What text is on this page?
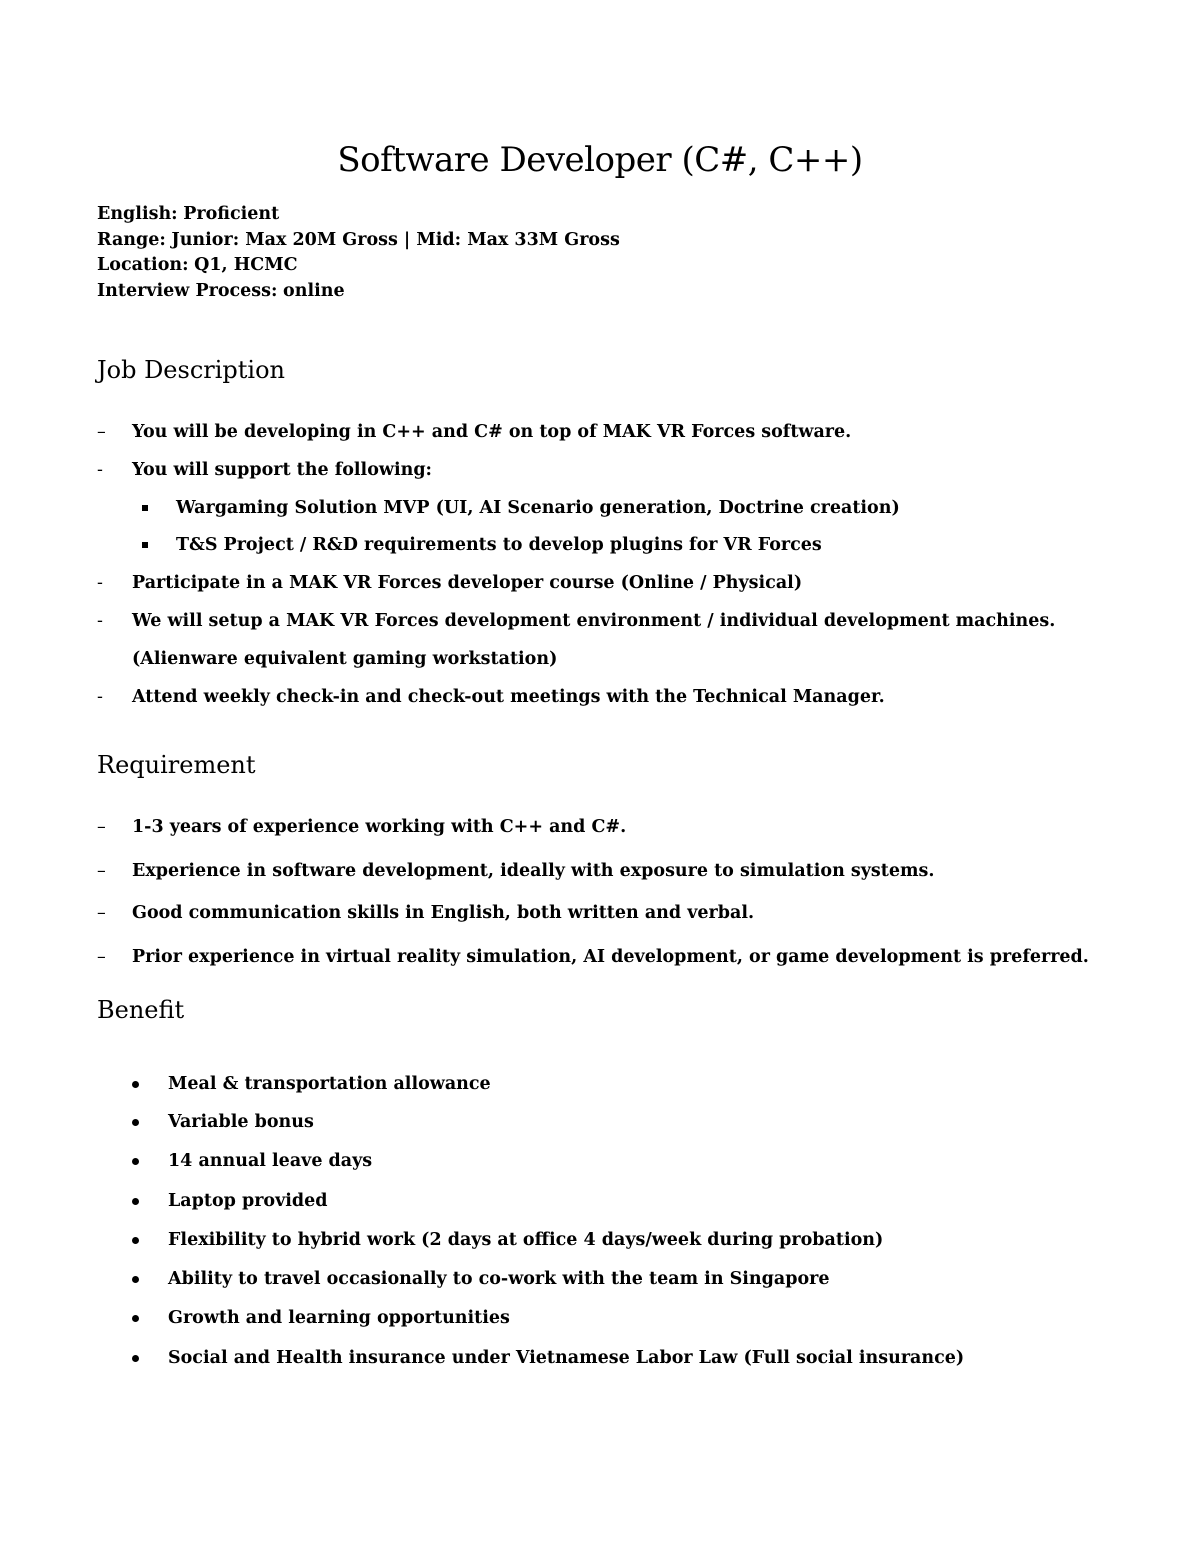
Software Developer (C#, C++)
English: Proficient
Range: Junior: Max 20M Gross | Mid: Max 33M Gross
Location: Q1, HCMC
Interview Process: online
Job Description
– You will be developing in C++ and C# on top of MAK VR Forces software.
- You will support the following:
Wargaming Solution MVP (UI, AI Scenario generation, Doctrine creation)
T&S Project / R&D requirements to develop plugins for VR Forces
- Participate in a MAK VR Forces developer course (Online / Physical)
- We will setup a MAK VR Forces development environment / individual development machines.
(Alienware equivalent gaming workstation)
- Attend weekly check-in and check-out meetings with the Technical Manager.
Requirement
– 1-3 years of experience working with C++ and C#.
– Experience in software development, ideally with exposure to simulation systems.
– Good communication skills in English, both written and verbal.
– Prior experience in virtual reality simulation, AI development, or game development is preferred.
Benefit
Meal & transportation allowance
Variable bonus
14 annual leave days
Laptop provided
Flexibility to hybrid work (2 days at office 4 days/week during probation)
Ability to travel occasionally to co-work with the team in Singapore
Growth and learning opportunities
Social and Health insurance under Vietnamese Labor Law (Full social insurance)
